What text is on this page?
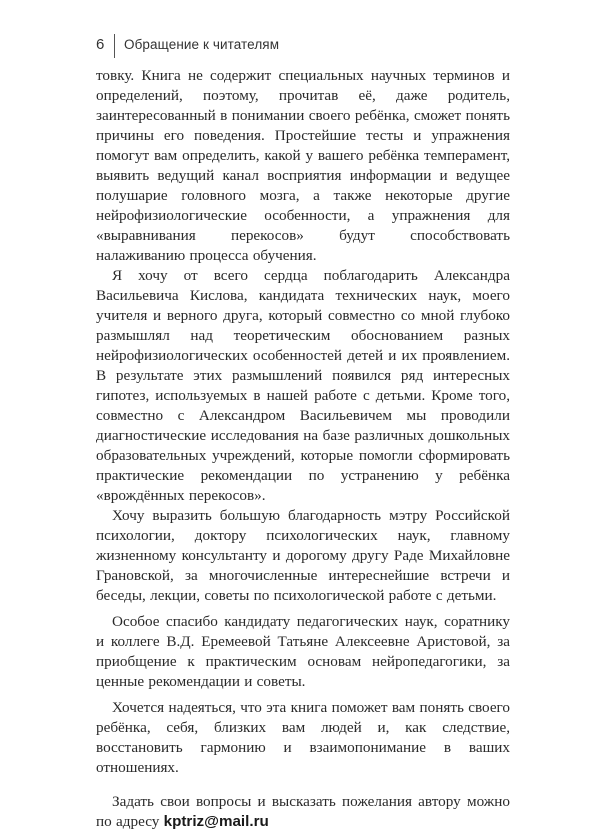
6 Обращение к читателям

товку. Книга не содержит специальных научных терминов и определений, поэтому, прочитав её, даже родитель, заинтересованный в понимании своего ребёнка, сможет понять причины его поведения. Простейшие тесты и упражнения помогут вам определить, какой у вашего ребёнка темперамент, выявить ведущий канал восприятия информации и ведущее полушарие головного мозга, а также некоторые другие нейрофизиологические особенности, а упражнения для «выравнивания перекосов» будут способствовать налаживанию процесса обучения.

Я хочу от всего сердца поблагодарить Александра Васильевича Кислова, кандидата технических наук, моего учителя и верного друга, который совместно со мной глубоко размышлял над теоретическим обоснованием разных нейрофизиологических особенностей детей и их проявлением. В результате этих размышлений появился ряд интересных гипотез, используемых в нашей работе с детьми. Кроме того, совместно с Александром Васильевичем мы проводили диагностические исследования на базе различных дошкольных образовательных учреждений, которые помогли сформировать практические рекомендации по устранению у ребёнка «врождённых перекосов».

Хочу выразить большую благодарность мэтру Российской психологии, доктору психологических наук, главному жизненному консультанту и дорогому другу Раде Михайловне Грановской, за многочисленные интереснейшие встречи и беседы, лекции, советы по психологической работе с детьми.

Особое спасибо кандидату педагогических наук, соратнику и коллеге В.Д. Еремеевой Татьяне Алексеевне Аристовой, за приобщение к практическим основам нейропедагогики, за ценные рекомендации и советы.

Хочется надеяться, что эта книга поможет вам понять своего ребёнка, себя, близких вам людей и, как следствие, восстановить гармонию и взаимопонимание в ваших отношениях.

Задать свои вопросы и высказать пожелания автору можно по адресу kptriz@mail.ru
